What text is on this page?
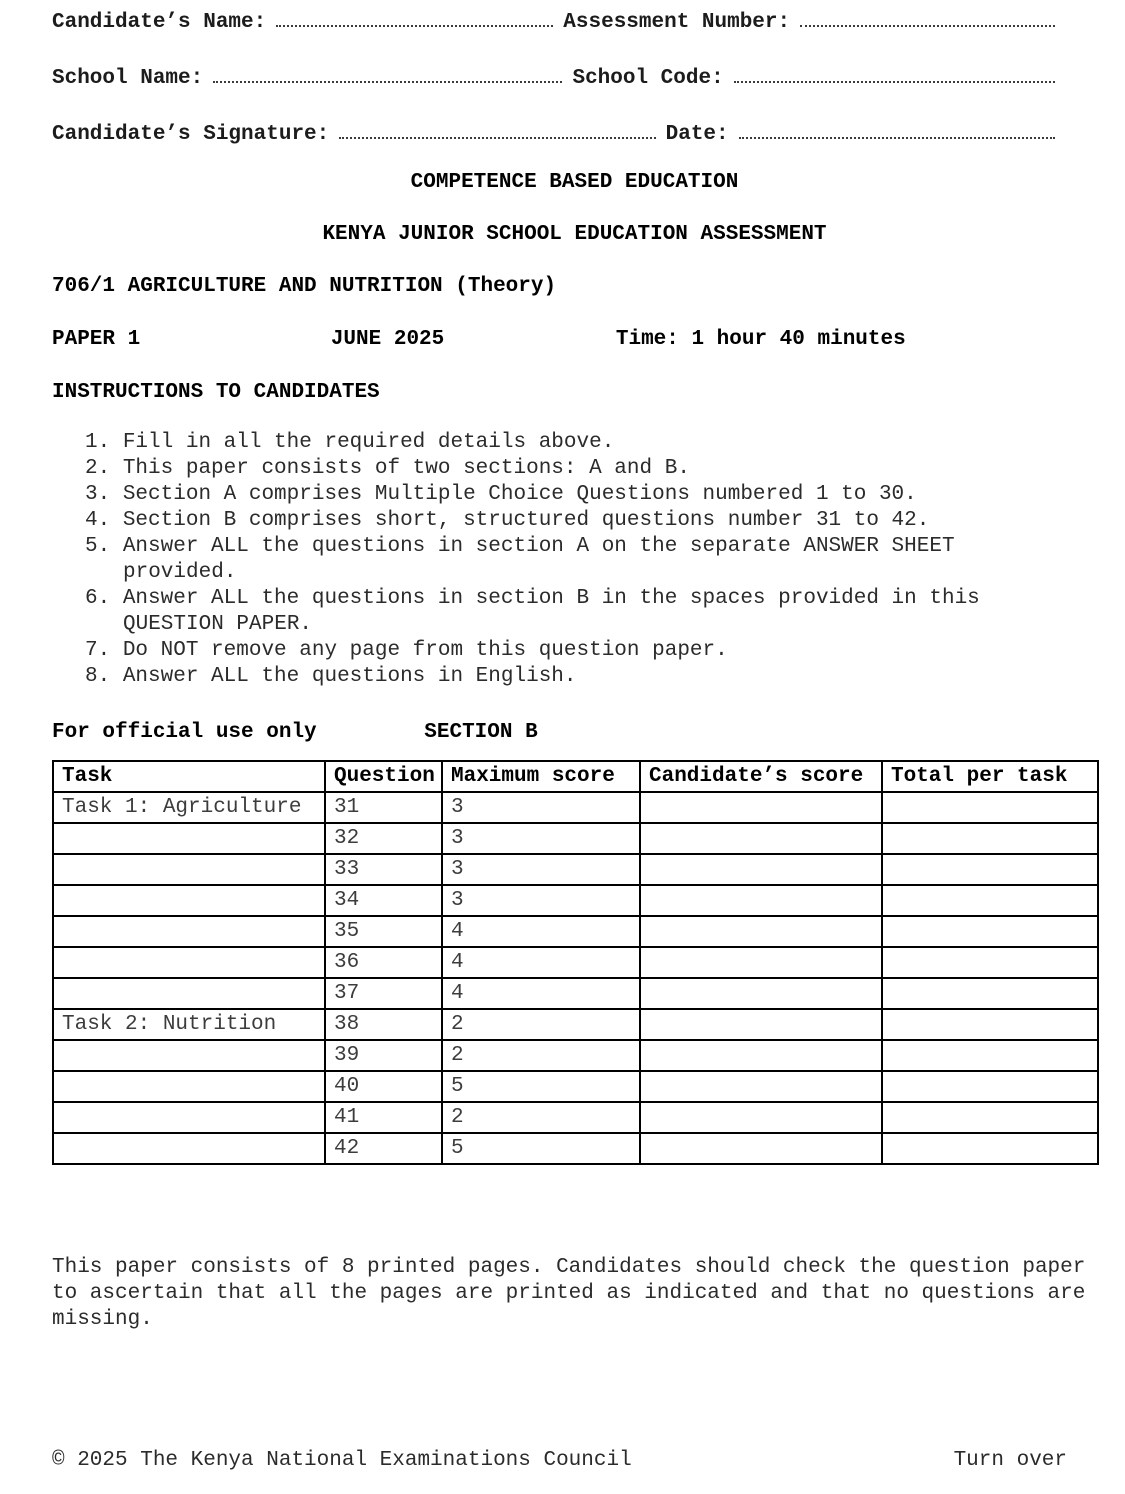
Candidate’s Name:	Assessment Number:
School Name:	School Code:
Candidate’s Signature:	Date:
COMPETENCE BASED EDUCATION
KENYA JUNIOR SCHOOL EDUCATION ASSESSMENT
706/1 AGRICULTURE AND NUTRITION (Theory)
PAPER 1	JUNE 2025	Time: 1 hour 40 minutes
INSTRUCTIONS TO CANDIDATES
Fill in all the required details above.
This paper consists of two sections: A and B.
Section A comprises Multiple Choice Questions numbered 1 to 30.
Section B comprises short, structured questions number 31 to 42.
Answer ALL the questions in section A on the separate ANSWER SHEET provided.
Answer ALL the questions in section B in the spaces provided in this QUESTION PAPER.
Do NOT remove any page from this question paper.
Answer ALL the questions in English.
For official use only	SECTION B
Task	Question	Maximum score	Candidate’s score	Total per task
Task 1: Agriculture	31	3		
	32	3		
	33	3		
	34	3		
	35	4		
	36	4		
	37	4		
Task 2: Nutrition	38	2		
	39	2		
	40	5		
	41	2		
	42	5		

This paper consists of 8 printed pages. Candidates should check the question paper to ascertain that all the pages are printed as indicated and that no questions are missing.

© 2025 The Kenya National Examinations Council	Turn over
